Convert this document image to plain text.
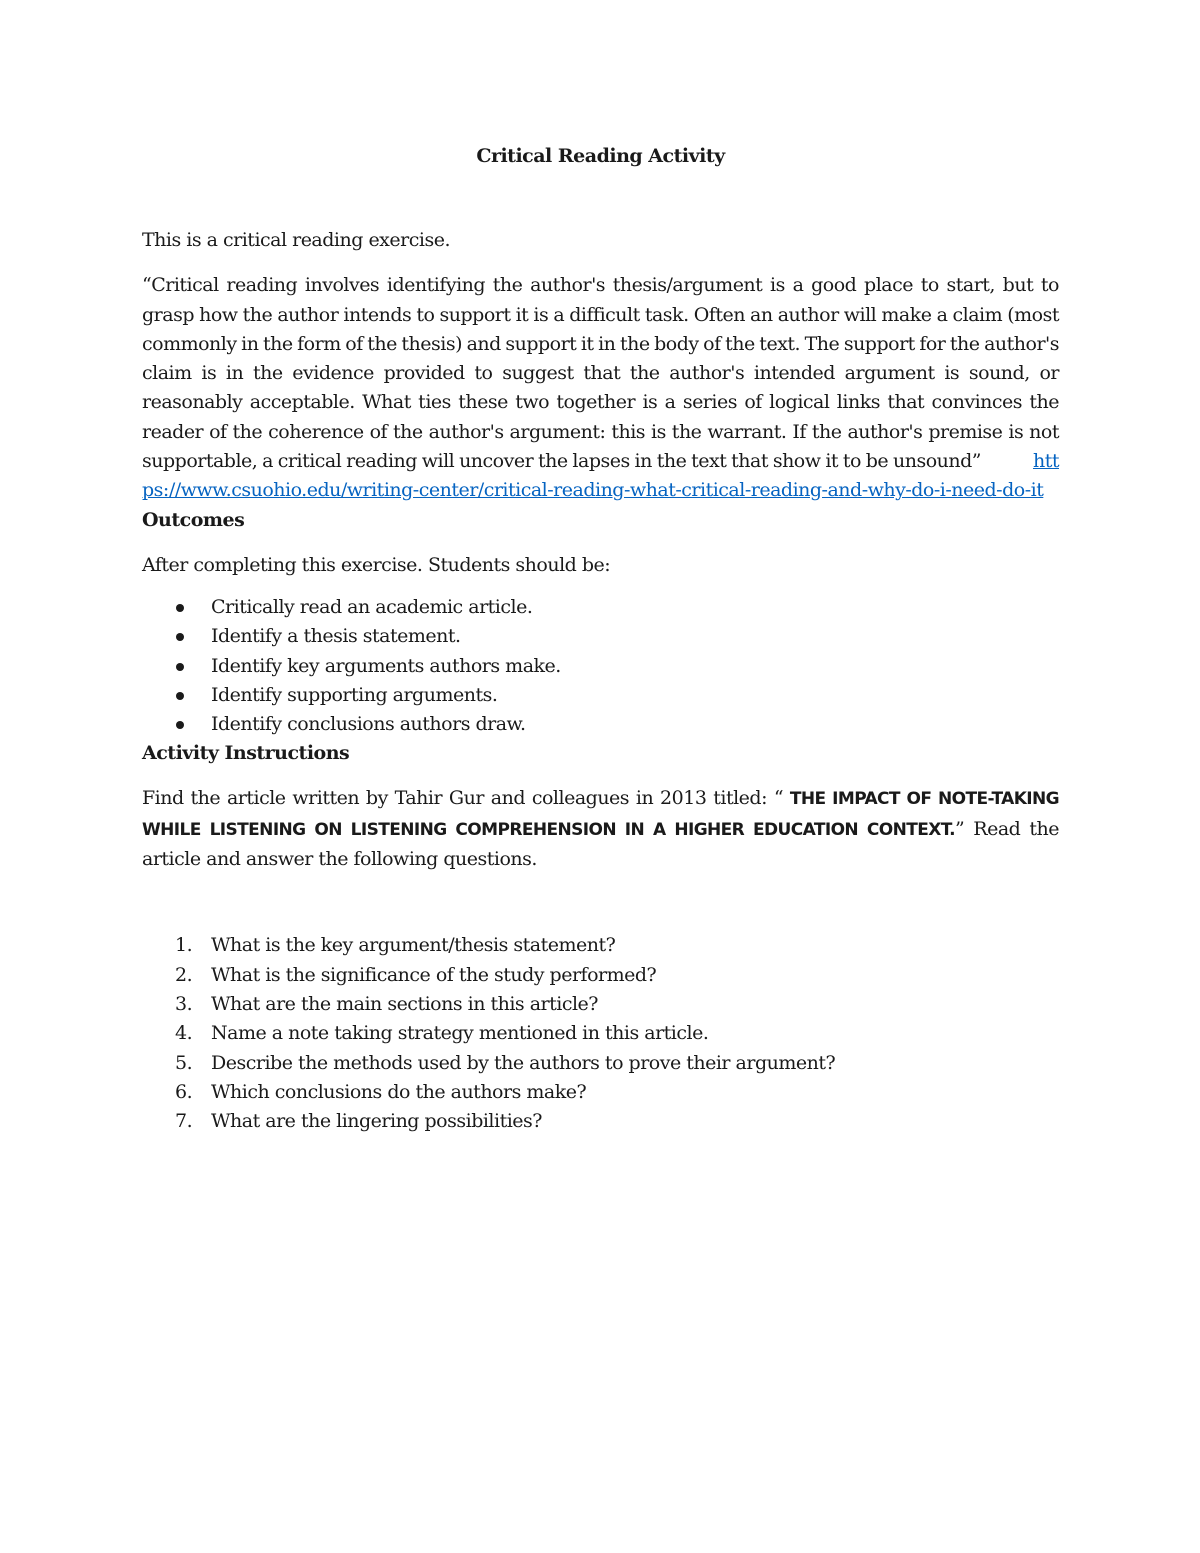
Critical Reading Activity

This is a critical reading exercise.

“Critical reading involves identifying the author's thesis/argument is a good place to start, but to grasp how the author intends to support it is a difficult task. Often an author will make a claim (most commonly in the form of the thesis) and support it in the body of the text. The support for the author's claim is in the evidence provided to suggest that the author's intended argument is sound, or reasonably acceptable. What ties these two together is a series of logical links that convinces the reader of the coherence of the author's argument: this is the warrant. If the author's premise is not supportable, a critical reading will uncover the lapses in the text that show it to be unsound”	https://www.csuohio.edu/writing-center/critical-reading-what-critical-reading-and-why-do-i-need-do-it

Outcomes

After completing this exercise. Students should be:

Critically read an academic article.
Identify a thesis statement.
Identify key arguments authors make.
Identify supporting arguments.
Identify conclusions authors draw.
Activity Instructions

Find the article written by Tahir Gur and colleagues in 2013 titled: “ THE IMPACT OF NOTE-TAKING WHILE LISTENING ON LISTENING COMPREHENSION IN A HIGHER EDUCATION CONTEXT.” Read the article and answer the following questions.

1. What is the key argument/thesis statement?
2. What is the significance of the study performed?
3. What are the main sections in this article?
4. Name a note taking strategy mentioned in this article.
5. Describe the methods used by the authors to prove their argument?
6. Which conclusions do the authors make?
7. What are the lingering possibilities?
